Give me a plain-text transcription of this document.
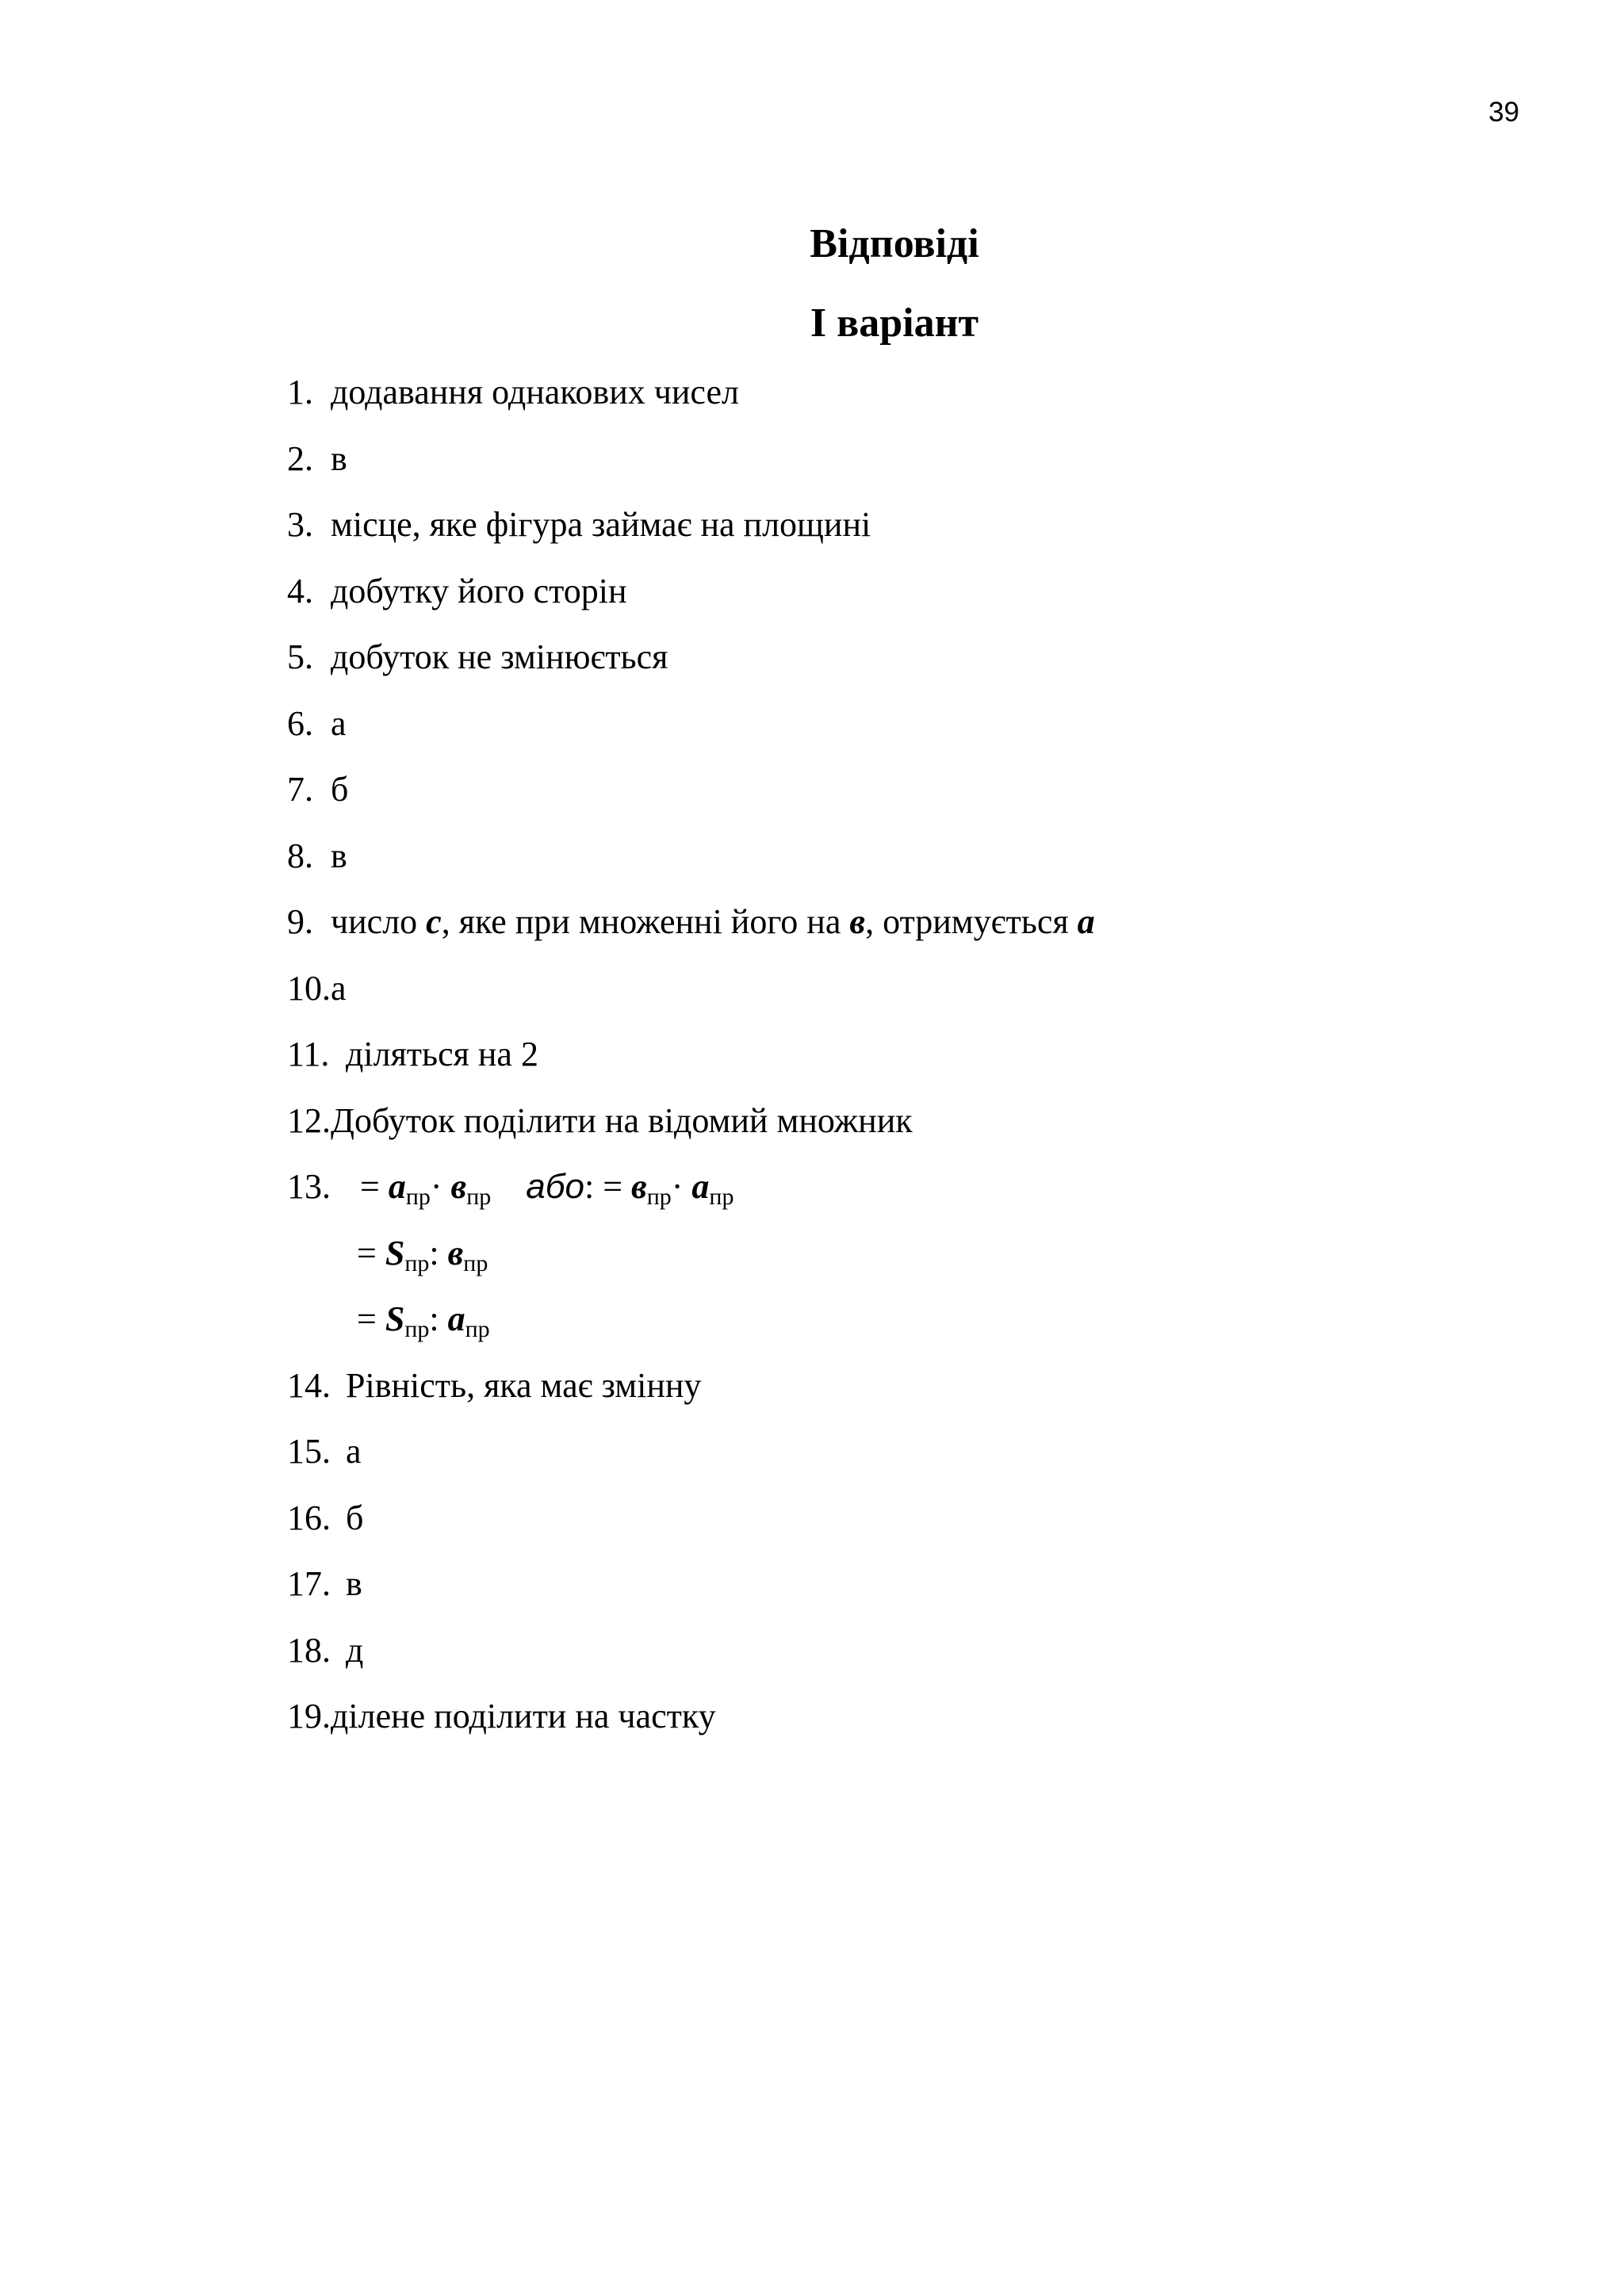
39
Відповіді
І варіант
1. додавання однакових чисел
2. в
3. місце, яке фігура займає на площині
4. добутку його сторін
5. добуток не змінюється
6. а
7. б
8. в
9. число с, яке при множенні його на в, отримується а
10.а
11. діляться на 2
12.Добуток поділити на відомий множник
13. = $а_{пр}\cdot в_{пр}$ або: = $в_{пр}\cdot а_{пр}$
= $S_{пр}$: $в_{пр}$
= $S_{пр}$: $а_{пр}$
14. Рівність, яка має змінну
15. а
16. б
17. в
18. д
19.ділене поділити на частку
